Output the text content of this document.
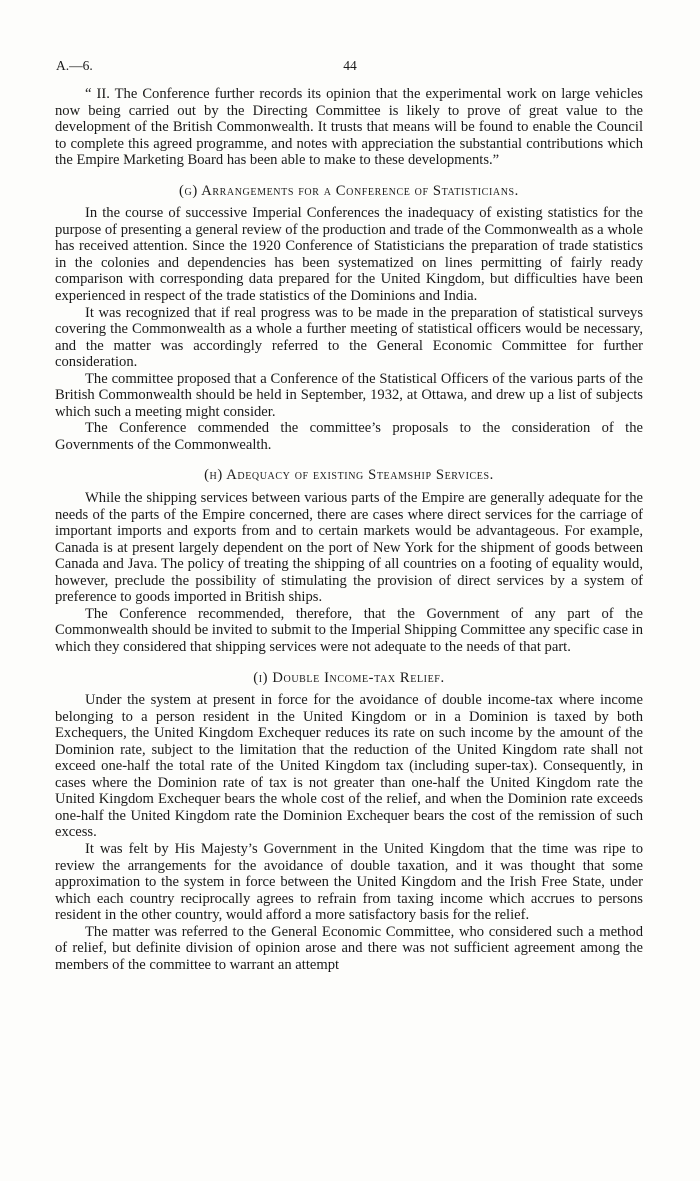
A.—6.	44

“ II. The Conference further records its opinion that the experimental work on large vehicles now being carried out by the Directing Committee is likely to prove of great value to the development of the British Commonwealth. It trusts that means will be found to enable the Council to complete this agreed programme, and notes with appreciation the substantial contributions which the Empire Marketing Board has been able to make to these developments.”

(g) Arrangements for a Conference of Statisticians.

In the course of successive Imperial Conferences the inadequacy of existing statistics for the purpose of presenting a general review of the production and trade of the Commonwealth as a whole has received attention. Since the 1920 Conference of Statisticians the preparation of trade statistics in the colonies and dependencies has been systematized on lines permitting of fairly ready comparison with corresponding data prepared for the United Kingdom, but difficulties have been experienced in respect of the trade statistics of the Dominions and India.

It was recognized that if real progress was to be made in the preparation of statistical surveys covering the Commonwealth as a whole a further meeting of statistical officers would be necessary, and the matter was accordingly referred to the General Economic Committee for further consideration.

The committee proposed that a Conference of the Statistical Officers of the various parts of the British Commonwealth should be held in September, 1932, at Ottawa, and drew up a list of subjects which such a meeting might consider.

The Conference commended the committee’s proposals to the consideration of the Governments of the Commonwealth.

(h) Adequacy of existing Steamship Services.

While the shipping services between various parts of the Empire are generally adequate for the needs of the parts of the Empire concerned, there are cases where direct services for the carriage of important imports and exports from and to certain markets would be advantageous. For example, Canada is at present largely dependent on the port of New York for the shipment of goods between Canada and Java. The policy of treating the shipping of all countries on a footing of equality would, however, preclude the possibility of stimulating the provision of direct services by a system of preference to goods imported in British ships.

The Conference recommended, therefore, that the Government of any part of the Commonwealth should be invited to submit to the Imperial Shipping Committee any specific case in which they considered that shipping services were not adequate to the needs of that part.

(i) Double Income-tax Relief.

Under the system at present in force for the avoidance of double income-tax where income belonging to a person resident in the United Kingdom or in a Dominion is taxed by both Exchequers, the United Kingdom Exchequer reduces its rate on such income by the amount of the Dominion rate, subject to the limitation that the reduction of the United Kingdom rate shall not exceed one-half the total rate of the United Kingdom tax (including super-tax). Consequently, in cases where the Dominion rate of tax is not greater than one-half the United Kingdom rate the United Kingdom Exchequer bears the whole cost of the relief, and when the Dominion rate exceeds one-half the United Kingdom rate the Dominion Exchequer bears the cost of the remission of such excess.

It was felt by His Majesty’s Government in the United Kingdom that the time was ripe to review the arrangements for the avoidance of double taxation, and it was thought that some approximation to the system in force between the United Kingdom and the Irish Free State, under which each country reciprocally agrees to refrain from taxing income which accrues to persons resident in the other country, would afford a more satisfactory basis for the relief.

The matter was referred to the General Economic Committee, who considered such a method of relief, but definite division of opinion arose and there was not sufficient agreement among the members of the committee to warrant an attempt
